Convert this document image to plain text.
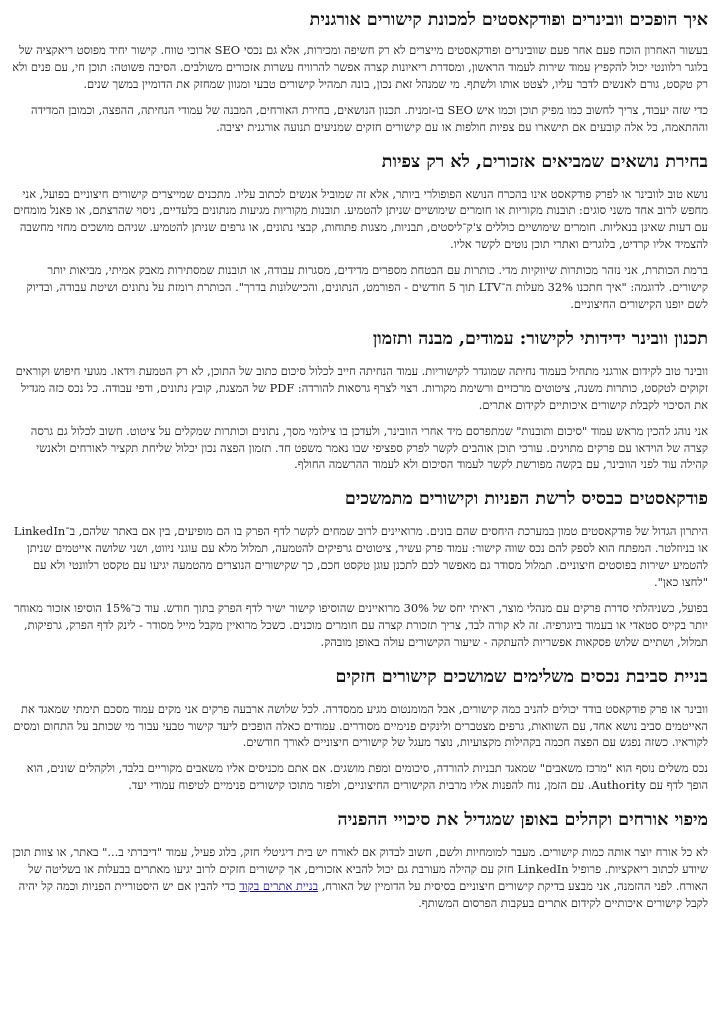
איך הופכים וובינרים ופודקאסטים למכונת קישורים אורגנית

בעשור האחרון הוכח פעם אחר פעם שוובינרים ופודקאסטים מייצרים לא רק חשיפה ומכירות, אלא גם נכסי SEO ארוכי טווח. קישור יחיד מפוסט ריאקציה של בלוגר רלוונטי יכול להקפיץ עמוד שירות לעמוד הראשון, ומסדרת ריאיונות קצרה אפשר להרוויח עשרות אזכורים משולבים. הסיבה פשוטה: תוכן חי, עם פנים ולא רק טקסט, גורם לאנשים לדבר עליו, לצטט אותו ולשתף. מי שמנהל זאת נכון, בונה תמהיל קישורים טבעי ומגוון שמחזק את הדומיין במשך שנים.

כדי שזה יעבוד, צריך לחשוב כמו מפיק תוכן וכמו איש SEO בו-זמנית. תכנון הנושאים, בחירת האורחים, המבנה של עמודי הנחיתה, ההפצה, וכמובן המדידה וההתאמה, כל אלה קובעים אם תישארו עם צפיות חולפות או עם קישורים חזקים שמניעים תנועה אורגנית יציבה.

בחירת נושאים שמביאים אזכורים, לא רק צפיות

נושא טוב לוובינר או לפרק פודקאסט אינו בהכרח הנושא הפופולרי ביותר, אלא זה שמוביל אנשים לכתוב עליו. מתכנים שמייצרים קישורים חיצוניים בפועל, אני מחפש לרוב אחד משני סוגים: תובנות מקוריות או חומרים שימושיים שניתן להטמיע. תובנות מקוריות מגיעות מנתונים בלעדיים, ניסוי שהרצתם, או פאנל מומחים עם דעות שאינן בנאליות. חומרים שימושיים כוללים צ'ק־ליסטים, תבניות, מצגות פתוחות, קבצי נתונים, או גרפים שניתן להטמיע. שניהם מושכים מחזי מחשבה להצמיד אליו קרדיט, בלוגרים ואתרי תוכן נוטים לקשר אליו.

ברמת הכותרת, אני נזהר מכותרות שיווקיות מדי. כותרות עם הבטחת מספרים מדידים, מסגרות עבודה, או תובנות שמסתירות מאבק אמיתי, מביאות יותר קישורים. לדוגמה: "איך חתכנו 32% מעלות ה־LTV תוך 5 חודשים - הפורמט, הנתונים, והכישלונות בדרך". הכותרת רומזת על נתונים ושיטת עבודה, ובדיוק לשם יופנו הקישורים החיצוניים.

תכנון וובינר ידידותי לקישור: עמודים, מבנה ותזמון

וובינר טוב לקידום אורגני מתחיל בעמוד נחיתה שמוגדר לקישוריות. עמוד הנחיתה חייב לכלול סיכום כתוב של התוכן, לא רק הטמעת וידאו. מגועי חיפוש וקוראים זקוקים לטקסט, כותרות משנה, ציטוטים מרכזיים ורשימת מקורות. רצוי לצרף גרסאות להורדה: PDF של המצגת, קובץ נתונים, ודפי עבודה. כל נכס כזה מגדיל את הסיכוי לקבלת קישורים איכותיים לקידום אתרים.

אני נוהג להכין מראש עמוד "סיכום ותובנות" שמתפרסם מיד אחרי הוובינר, ולעדכן בו צילומי מסך, נתונים וכותרות שמקלים על ציטוט. חשוב לכלול גם גרסה קצרה של הוידאו עם פרקים מתויגים. עורכי תוכן אוהבים לקשר לפרק ספציפי שבו נאמר משפט חד. תזמון הפצה נכון יכלול שליחת תקציר לאורחים ולאנשי קהילה עוד לפני הוובינר, עם בקשה מפורשת לקשר לעמוד הסיכום ולא לעמוד ההרשמה החולף.

פודקאסטים כבסיס לרשת הפניות וקישורים מתמשכים

היתרון הגדול של פודקאסטים טמון במערכת היחסים שהם בונים. מרואיינים לרוב שמחים לקשר לדף הפרק בו הם מופיעים, בין אם באתר שלהם, ב־LinkedIn או בניוזלטר. המפתח הוא לספק להם נכס שווה קישור: עמוד פרק עשיר, ציטוטים גרפיקים להטמעה, תמלול מלא עם עוגני ניווט, ושני שלושה אייטמים שניתן להטמיע ישירות בפוסטים חיצוניים. תמלול מסודר גם מאפשר לכם לתכנן עוגן טקסט חכם, כך שקישורים הנוצרים מהטמעה יגיעו עם טקסט רלוונטי ולא עם "לחצו כאן".

בפועל, כשניהלתי סדרת פרקים עם מנהלי מוצר, ראיתי יחס של 30% מרואיינים שהוסיפו קישור ישיר לדף הפרק בתוך חודש. עוד כ־15% הוסיפו אזכור מאוחר יותר בקייס סטאדי או בעמוד ביוגרפיה. זה לא קורה לבד, צריך תזכורת קצרה עם חומרים מוכנים. כשכל מרואיין מקבל מייל מסודר - לינק לדף הפרק, גרפיקות, תמלול, ושתיים שלוש פסקאות אפשריות להעתקה - שיעור הקישורים עולה באופן מובהק.

בניית סביבת נכסים משלימים שמושכים קישורים חזקים

וובינר או פרק פודקאסט בודד יכולים להניב כמה קישורים, אבל המומנטום מגיע ממסדרה. לכל שלושה ארבעה פרקים אני מקים עמוד מסכם תימתי שמאגד את האייטמים סביב נושא אחד, עם השוואות, גרפים מצטברים ולינקים פנימיים מסודרים. עמודים כאלה הופכים ליעד קישור טבעי עבור מי שכותב על התחום ומסים לקוראיו. כשזה נפגש עם הפצה חכמה בקהילות מקצועיות, נוצר מעגל של קישורים חיצוניים לאורך חודשים.

נכס משלים נוסף הוא "מרכז משאבים" שמאגד תבניות להורדה, סיכומים ומפת מושגים. אם אתם מכניסים אליו משאבים מקוריים בלבד, ולקהלים שונים, הוא הופך לדף עם Authority. עם הזמן, נוח להפנות אליו מרבית הקישורים החיצוניים, ולפזר מתוכו קישורים פנימיים לטיפוח עמודי יעד.

מיפוי אורחים וקהלים באופן שמגדיל את סיכויי ההפניה

לא כל אורח יוצר אותה כמות קישורים. מעבר למומחיות ולשם, חשוב לבדוק אם לאורח יש בית דיגיטלי חזק, בלוג פעיל, עמוד "דיברתי ב..." באתר, או צוות תוכן שיודע לכתוב ריאקציות. פרופיל LinkedIn חזק עם קהילה מעורבת גם יכול להביא אזכורים, אך קישורים חזקים לרוב יגיעו מאתרים בבעלות או בשליטה של האורח. לפני ההזמנה, אני מבצע בדיקת קישורים חיצוניים בסיסית על הדומיין של האורח, בניית אתרים בקוד כדי להבין אם יש היסטוריית הפניות וכמה קל יהיה לקבל קישורים איכותיים לקידום אתרים בעקבות הפרסום המשותף.
